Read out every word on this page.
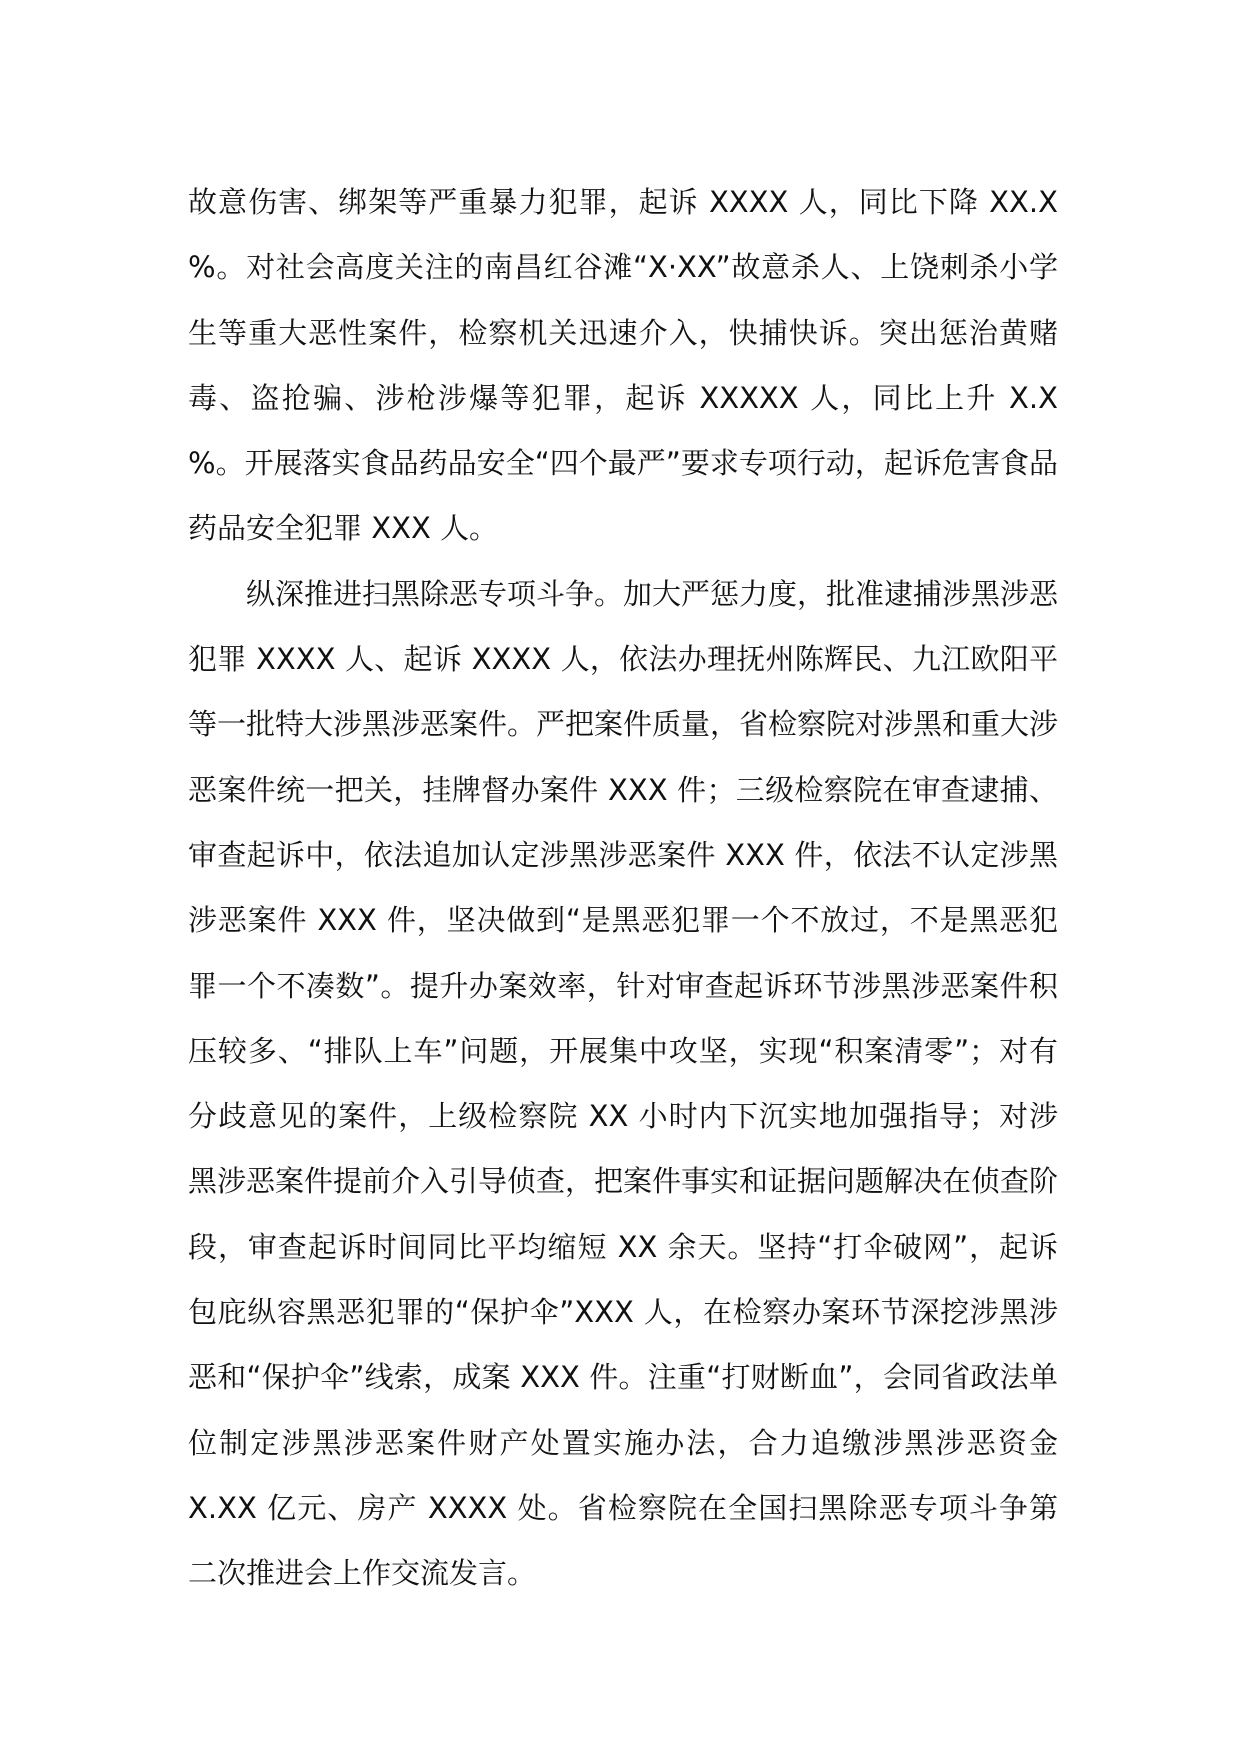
故意伤害、绑架等严重暴力犯罪，起诉 XXXX 人，同比下降 XX.X %。对社会高度关注的南昌红谷滩“X·XX”故意杀人、上饶刺杀小学生等重大恶性案件，检察机关迅速介入，快捕快诉。突出惩治黄赌毒、盗抢骗、涉枪涉爆等犯罪，起诉 XXXXX 人，同比上升 X.X %。开展落实食品药品安全“四个最严”要求专项行动，起诉危害食品药品安全犯罪 XXX 人。

纵深推进扫黑除恶专项斗争。加大严惩力度，批准逮捕涉黑涉恶犯罪 XXXX 人、起诉 XXXX 人，依法办理抚州陈辉民、九江欧阳平等一批特大涉黑涉恶案件。严把案件质量，省检察院对涉黑和重大涉恶案件统一把关，挂牌督办案件 XXX 件；三级检察院在审查逮捕、审查起诉中，依法追加认定涉黑涉恶案件 XXX 件，依法不认定涉黑涉恶案件 XXX 件，坚决做到“是黑恶犯罪一个不放过，不是黑恶犯罪一个不凑数”。提升办案效率，针对审查起诉环节涉黑涉恶案件积压较多、“排队上车”问题，开展集中攻坚，实现“积案清零”；对有分歧意见的案件，上级检察院 XX 小时内下沉实地加强指导；对涉黑涉恶案件提前介入引导侦查，把案件事实和证据问题解决在侦查阶段，审查起诉时间同比平均缩短 XX 余天。坚持“打伞破网”，起诉包庇纵容黑恶犯罪的“保护伞”XXX 人，在检察办案环节深挖涉黑涉恶和“保护伞”线索，成案 XXX 件。注重“打财断血”，会同省政法单位制定涉黑涉恶案件财产处置实施办法，合力追缴涉黑涉恶资金 X.XX 亿元、房产 XXXX 处。省检察院在全国扫黑除恶专项斗争第二次推进会上作交流发言。
